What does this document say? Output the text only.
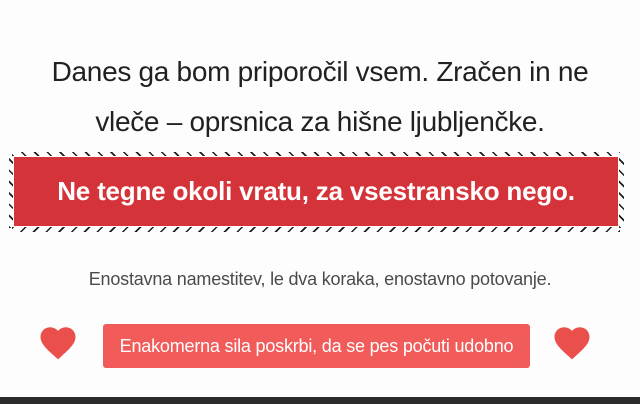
Danes ga bom priporočil vsem. Zračen in ne
vleče – oprsnica za hišne ljubljenčke.
Ne tegne okoli vratu, za vsestransko nego.
Enostavna namestitev, le dva koraka, enostavno potovanje.
Enakomerna sila poskrbi, da se pes počuti udobno
